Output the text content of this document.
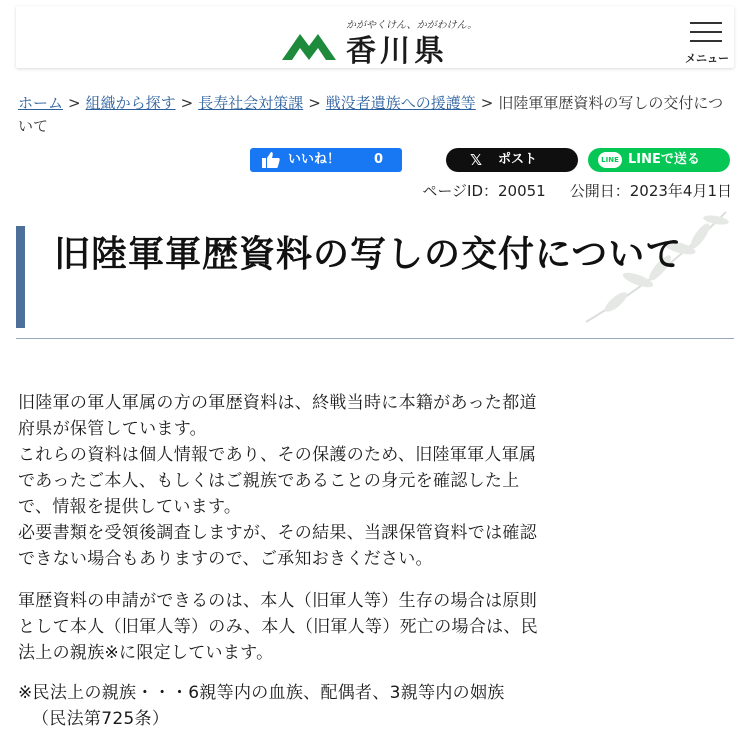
かがやくけん、かがわけん。
香川県	メニュー
ホーム > 組織から探す > 長寿社会対策課 > 戦没者遺族への援護等 > 旧陸軍軍歴資料の写しの交付について
いいね！	0	𝕏 ポスト	LINE LINEで送る
ページID：20051 公開日：2023年4月1日
旧陸軍軍歴資料の写しの交付について
旧陸軍の軍人軍属の方の軍歴資料は、終戦当時に本籍があった都道
府県が保管しています。
これらの資料は個人情報であり、その保護のため、旧陸軍軍人軍属
であったご本人、もしくはご親族であることの身元を確認した上
で、情報を提供しています。
必要書類を受領後調査しますが、その結果、当課保管資料では確認
できない場合もありますので、ご承知おきください。
軍歴資料の申請ができるのは、本人（旧軍人等）生存の場合は原則
として本人（旧軍人等）のみ、本人（旧軍人等）死亡の場合は、民
法上の親族※に限定しています。
※民法上の親族・・・6親等内の血族、配偶者、3親等内の姻族
（民法第725条）
